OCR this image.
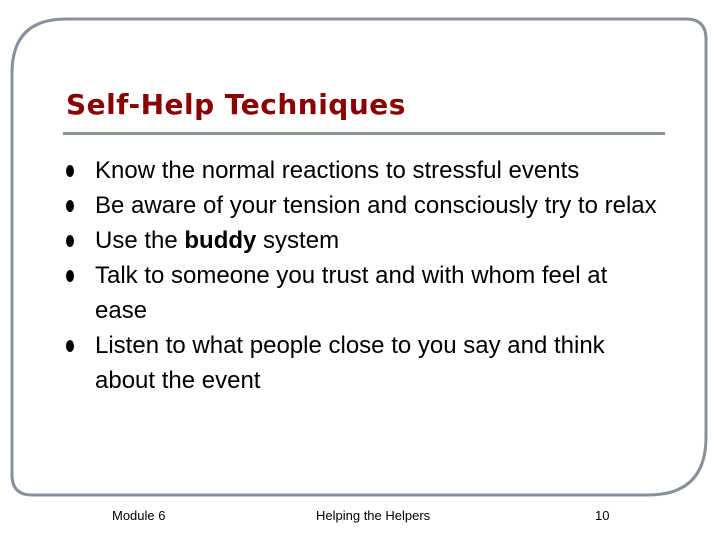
Self-Help Techniques
Know the normal reactions to stressful events
Be aware of your tension and consciously try to relax
Use the buddy system
Talk to someone you trust and with whom feel at ease
Listen to what people close to you say and think about the event
Module 6	Helping the Helpers	10
